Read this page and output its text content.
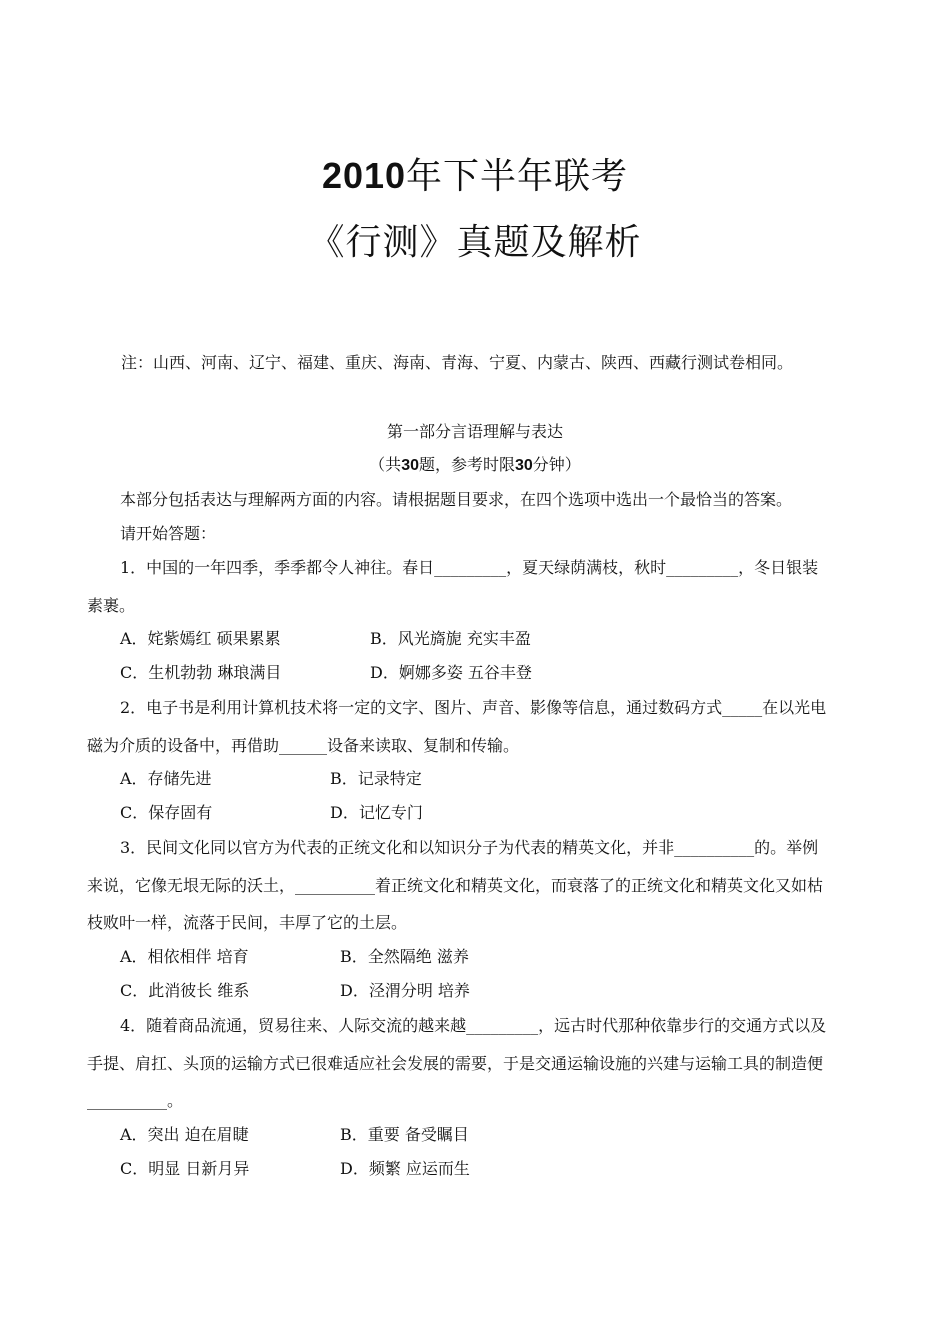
2010年下半年联考
《行测》真题及解析
注：山西、河南、辽宁、福建、重庆、海南、青海、宁夏、内蒙古、陕西、西藏行测试卷相同。
第一部分言语理解与表达
（共30题，参考时限30分钟）
本部分包括表达与理解两方面的内容。请根据题目要求，在四个选项中选出一个最恰当的答案。
请开始答题：
1．中国的一年四季，季季都令人神往。春日_________，夏天绿荫满枝，秋时_________，冬日银装
素裹。
A．姹紫嫣红 硕果累累	B．风光旖旎 充实丰盈
C．生机勃勃 琳琅满目	D．婀娜多姿 五谷丰登
2．电子书是利用计算机技术将一定的文字、图片、声音、影像等信息，通过数码方式_____在以光电
磁为介质的设备中，再借助______设备来读取、复制和传输。
A．存储先进	B．记录特定
C．保存固有	D．记忆专门
3．民间文化同以官方为代表的正统文化和以知识分子为代表的精英文化，并非__________的。举例
来说，它像无垠无际的沃土，__________着正统文化和精英文化，而衰落了的正统文化和精英文化又如枯
枝败叶一样，流落于民间，丰厚了它的土层。
A．相依相伴 培育	B．全然隔绝 滋养
C．此消彼长 维系	D．泾渭分明 培养
4．随着商品流通，贸易往来、人际交流的越来越_________，远古时代那种依靠步行的交通方式以及
手提、肩扛、头顶的运输方式已很难适应社会发展的需要，于是交通运输设施的兴建与运输工具的制造便
__________。
A．突出 迫在眉睫	B．重要 备受瞩目
C．明显 日新月异	D．频繁 应运而生
